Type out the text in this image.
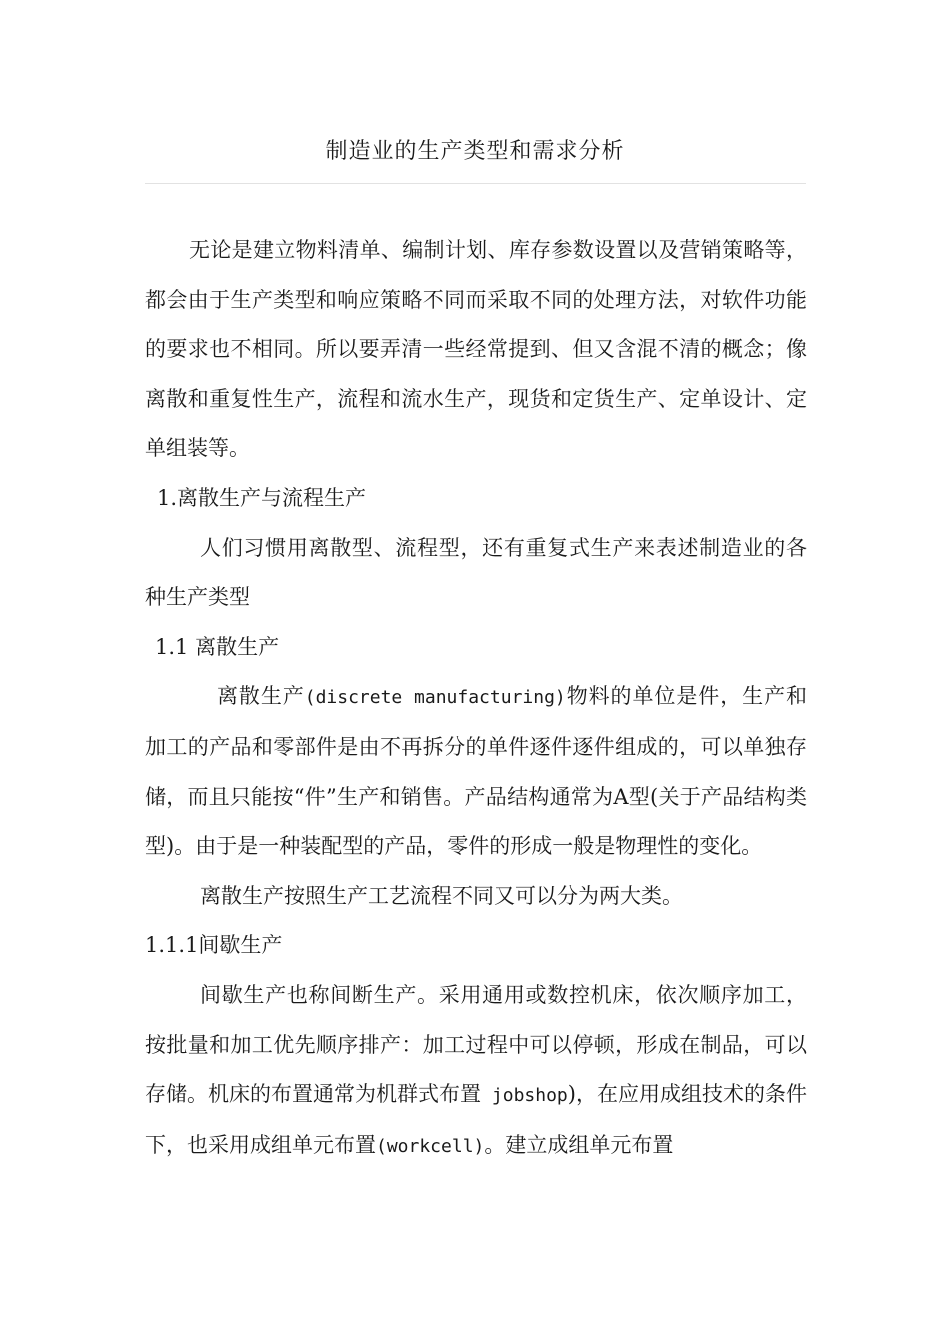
制造业的生产类型和需求分析

无论是建立物料清单、编制计划、库存参数设置以及营销策略等，都会由于生产类型和响应策略不同而采取不同的处理方法，对软件功能的要求也不相同。所以要弄清一些经常提到、但又含混不清的概念；像离散和重复性生产，流程和流水生产，现货和定货生产、定单设计、定单组装等。

1.离散生产与流程生产

人们习惯用离散型、流程型，还有重复式生产来表述制造业的各种生产类型

1.1 离散生产

离散生产(discrete manufacturing)物料的单位是件，生产和加工的产品和零部件是由不再拆分的单件逐件逐件组成的，可以单独存储，而且只能按“件”生产和销售。产品结构通常为A型(关于产品结构类型)。由于是一种装配型的产品，零件的形成一般是物理性的变化。

离散生产按照生产工艺流程不同又可以分为两大类。

1.1.1间歇生产

间歇生产也称间断生产。采用通用或数控机床，依次顺序加工，按批量和加工优先顺序排产：加工过程中可以停顿，形成在制品，可以存储。机床的布置通常为机群式布置 jobshop)，在应用成组技术的条件下，也采用成组单元布置(workcell)。建立成组单元布置
